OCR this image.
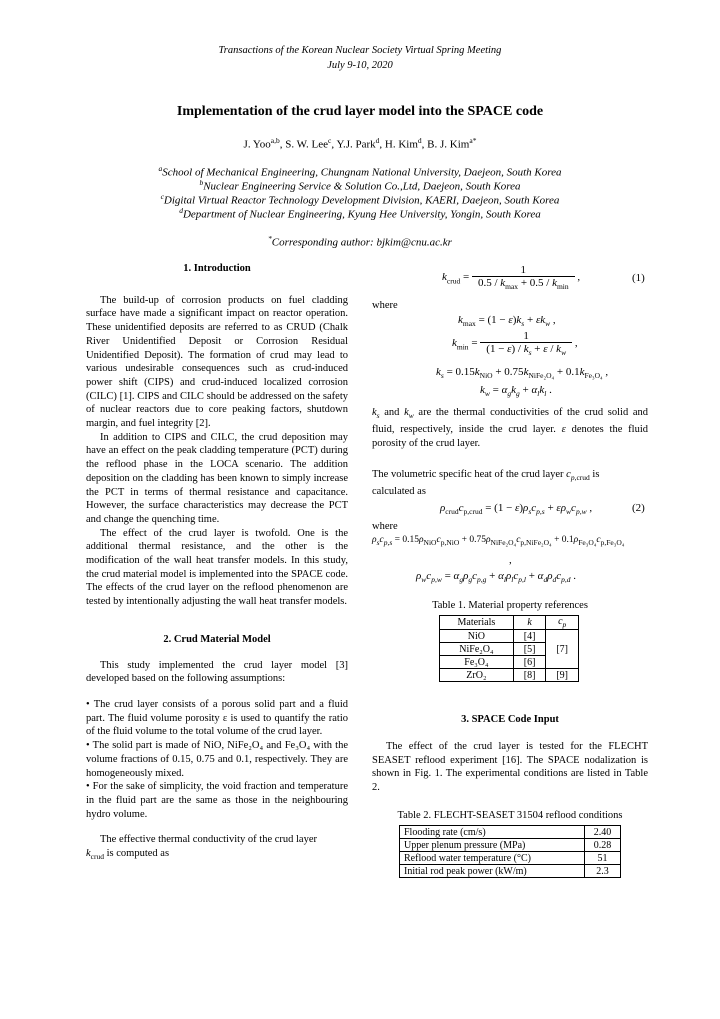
Transactions of the Korean Nuclear Society Virtual Spring Meeting
July 9-10, 2020
Implementation of the crud layer model into the SPACE code
J. Yoo$^{a,b}$, S. W. Lee$^c$, Y.J. Park$^d$, H. Kim$^d$, B. J. Kim$^{a*}$
$^a$School of Mechanical Engineering, Chungnam National University, Daejeon, South Korea
$^b$Nuclear Engineering Service & Solution Co.,Ltd, Daejeon, South Korea
$^c$Digital Virtual Reactor Technology Development Division, KAERI, Daejeon, South Korea
$^d$Department of Nuclear Engineering, Kyung Hee University, Yongin, South Korea
*Corresponding author: bjkim@cnu.ac.kr

1. Introduction

The build-up of corrosion products on fuel cladding surface have made a significant impact on reactor operation. These unidentified deposits are referred to as CRUD (Chalk River Unidentified Deposit or Corrosion Residual Unidentified Deposit). The formation of crud may lead to various undesirable consequences such as crud-induced power shift (CIPS) and crud-induced localized corrosion (CILC) [1]. CIPS and CILC should be addressed on the safety of nuclear reactors due to core peaking factors, shutdown margin, and fuel integrity [2].

In addition to CIPS and CILC, the crud deposition may have an effect on the peak cladding temperature (PCT) during the reflood phase in the LOCA scenario. The addition deposition on the cladding has been known to simply increase the PCT in terms of thermal resistance and capacitance. However, the surface characteristics may decrease the PCT and change the quenching time.

The effect of the crud layer is twofold. One is the additional thermal resistance, and the other is the modification of the wall heat transfer models. In this study, the crud material model is implemented into the SPACE code. The effects of the crud layer on the reflood phenomenon are tested by intentionally adjusting the wall heat transfer models.

2. Crud Material Model

This study implemented the crud layer model [3] developed based on the following assumptions:

• The crud layer consists of a porous solid part and a fluid part. The fluid volume porosity ε is used to quantify the ratio of the fluid volume to the total volume of the crud layer.

• The solid part is made of NiO, NiFe₂O₄ and Fe₃O₄ with the volume fractions of 0.15, 0.75 and 0.1, respectively. They are homogeneously mixed.

• For the sake of simplicity, the void fraction and temperature in the fluid part are the same as those in the neighbouring hydro volume.

The effective thermal conductivity of the crud layer
$k_{crud}$ is computed as

$k_{crud} = \frac{1}{0.5 / k_{max} + 0.5 / k_{min}}$ ,	(1)
where
$k_{max} = (1 - \varepsilon)k_s + \varepsilon k_w$ ,
$k_{min} = \frac{1}{(1 - \varepsilon) / k_s + \varepsilon / k_w}$ ,
$k_s = 0.15k_{NiO} + 0.75k_{NiFe_2O_4} + 0.1k_{Fe_3O_4}$ ,
$k_w = \alpha_gk_g + \alpha_lk_l$ .
$k_s$ and $k_w$ are the thermal conductivities of the crud solid and fluid, respectively, inside the crud layer. ε denotes the fluid porosity of the crud layer.
The volumetric specific heat of the crud layer $c_{p,crud}$ is
calculated as
$\rho_{crud}c_{p,crud} = (1 - \varepsilon)\rho_sc_{p,s} + \varepsilon\rho_wc_{p,w}$ ,	(2)
where
$\rho_sc_{p,s} = 0.15\rho_{NiO}c_{p,NiO} + 0.75\rho_{NiFe_2O_4}c_{p,NiFe_2O_4} + 0.1\rho_{Fe_3O_4}c_{p,Fe_3O_4}$
,
$\rho_wc_{p,w} = \alpha_g\rho_gc_{p,g} + \alpha_l\rho_lc_{p,l} + \alpha_d\rho_dc_{p,d}$ .
Table 1. Material property references
Materials	k	$c_p$
NiO	[4]	[7]
NiFe₂O₄	[5]	
Fe₃O₄	[6]	
ZrO₂	[8]	[9]
3. SPACE Code Input

The effect of the crud layer is tested for the FLECHT SEASET reflood experiment [16]. The SPACE nodalization is shown in Fig. 1. The experimental conditions are listed in Table 2.

Table 2. FLECHT-SEASET 31504 reflood conditions
Flooding rate (cm/s)	2.40
Upper plenum pressure (MPa)	0.28
Reflood water temperature (°C)	51
Initial rod peak power (kW/m)	2.3
